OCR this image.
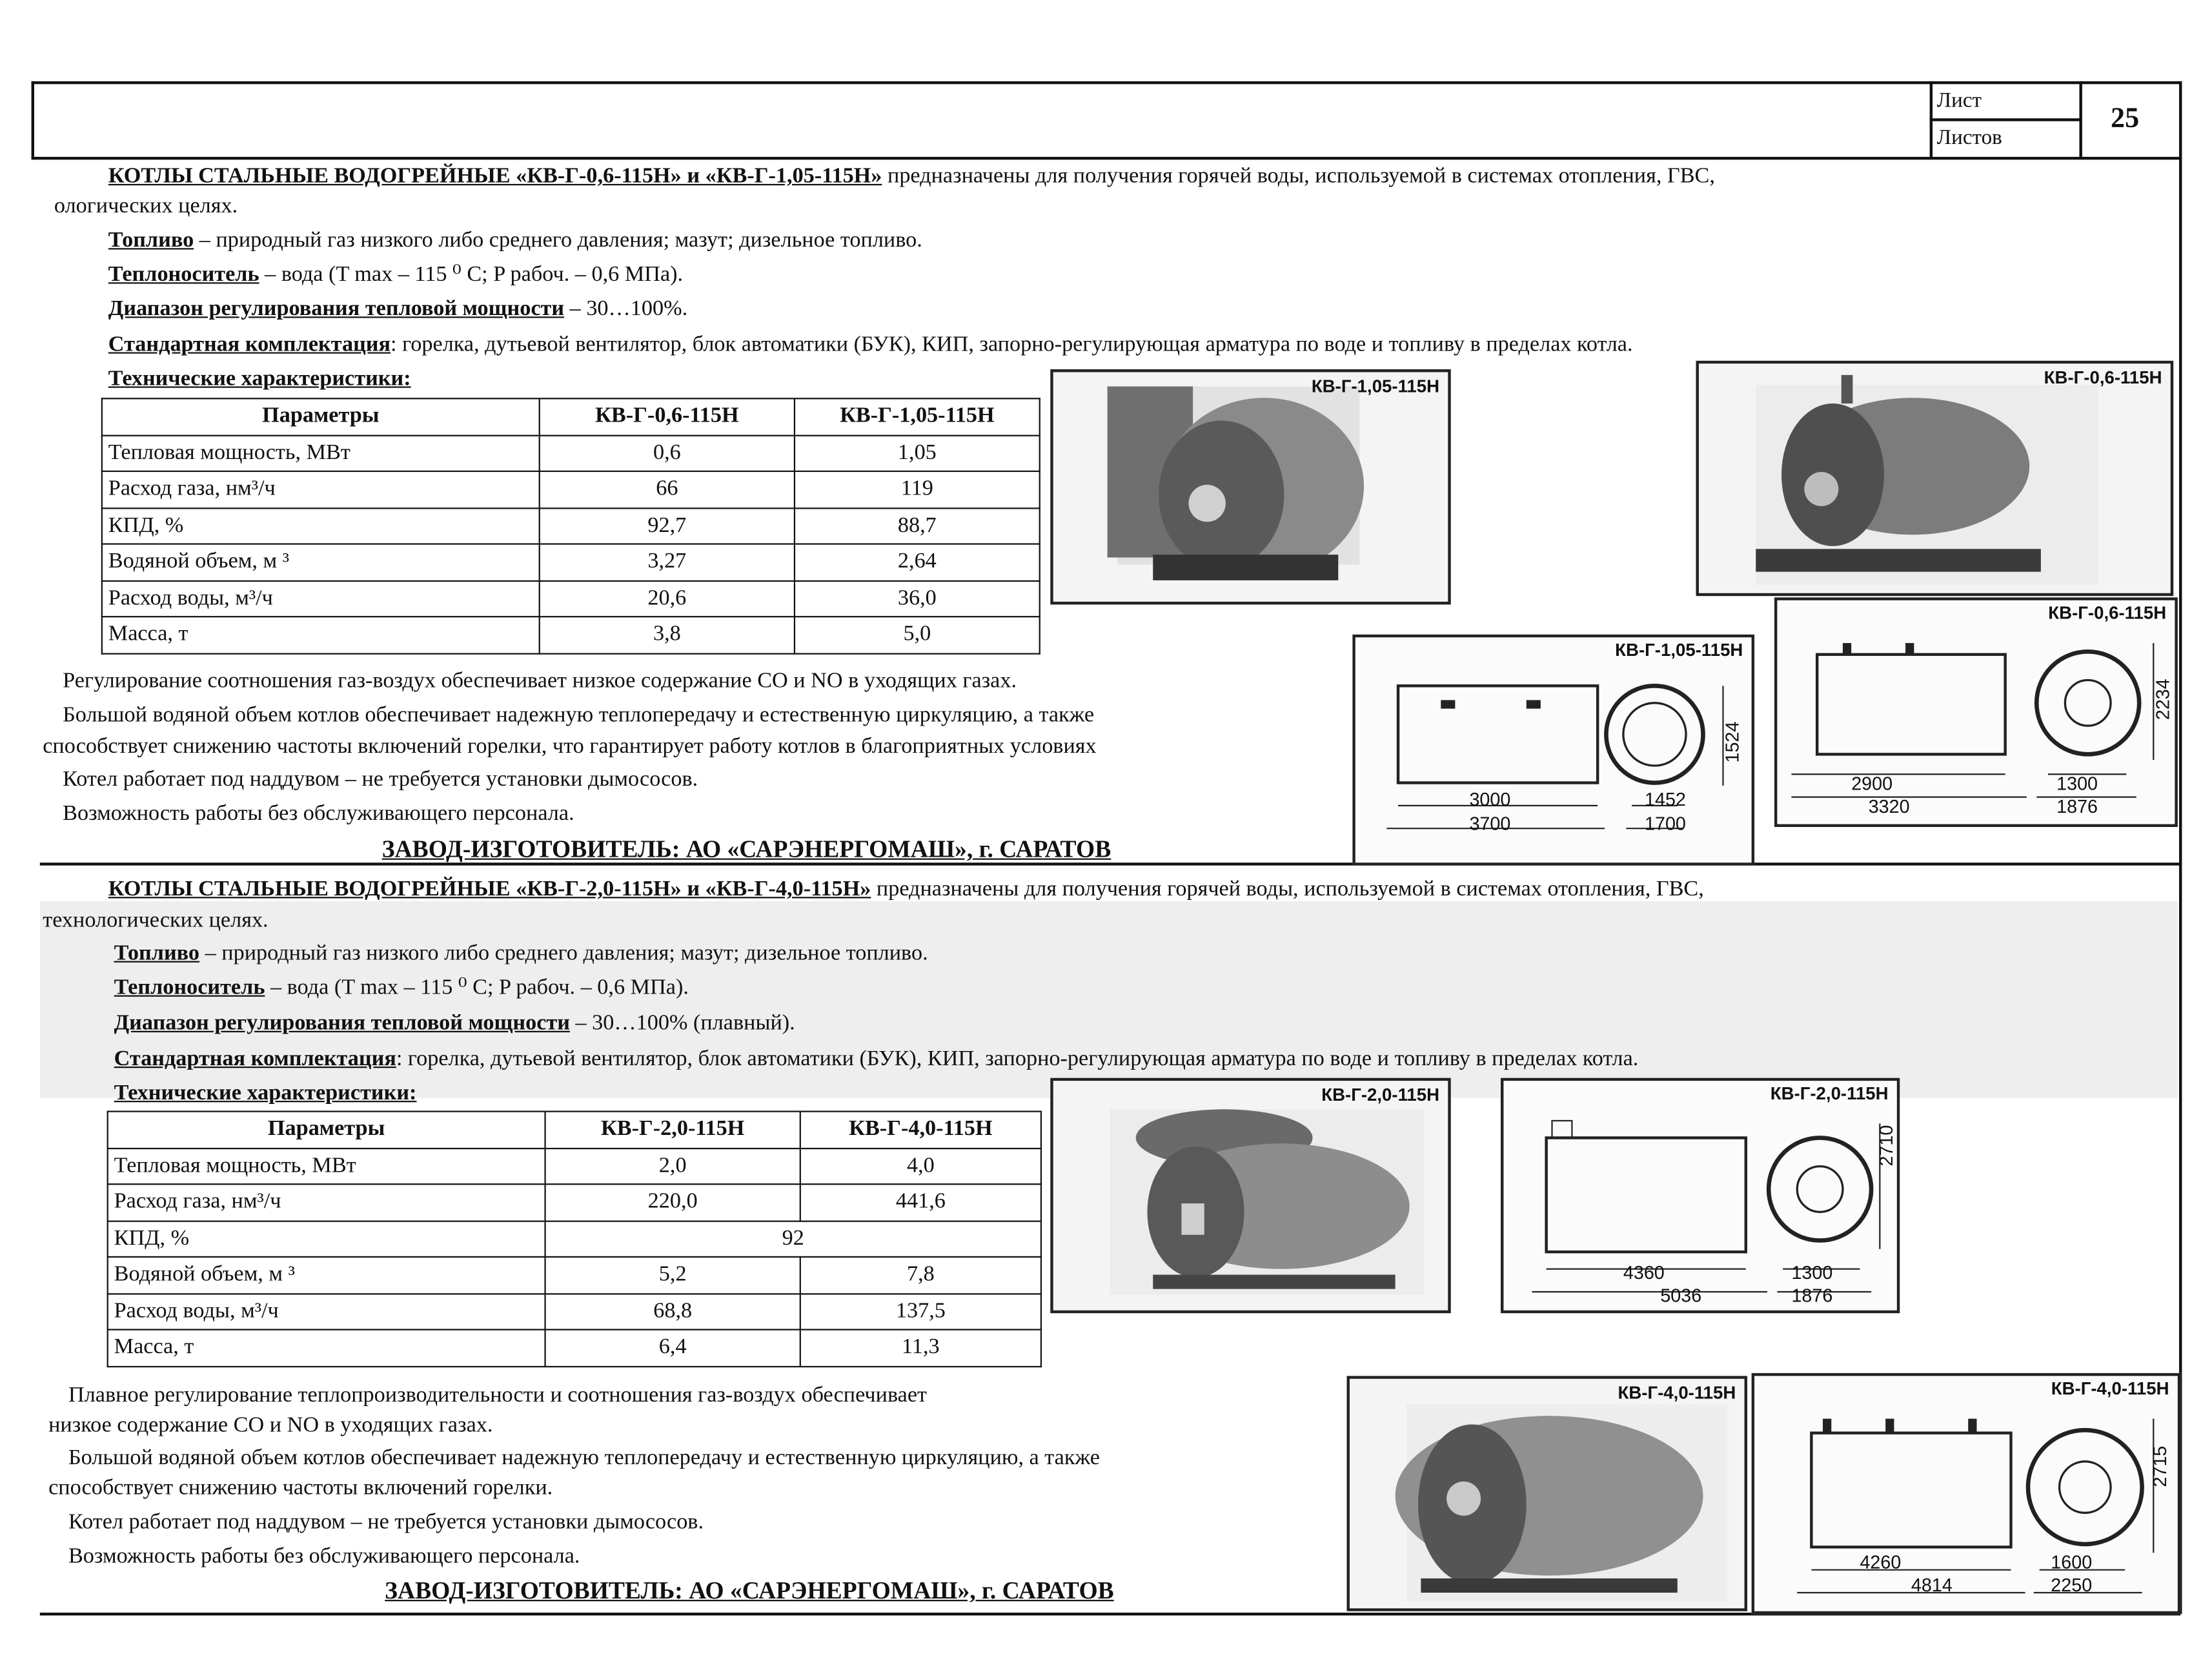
Лист
Листов
25
КОТЛЫ СТАЛЬНЫЕ ВОДОГРЕЙНЫЕ «КВ-Г-0,6-115Н» и «КВ-Г-1,05-115Н» предназначены для получения горячей воды, используемой в системах отопления, ГВС,
ологических целях.
Топливо – природный газ низкого либо среднего давления; мазут; дизельное топливо.
Теплоноситель – вода (T max – 115 ⁰ С; P рабоч. – 0,6 МПа).
Диапазон регулирования тепловой мощности – 30…100%.
Стандартная комплектация: горелка, дутьевой вентилятор, блок автоматики (БУК), КИП, запорно-регулирующая арматура по воде и топливу в пределах котла.
Технические характеристики:
Параметры	КВ-Г-0,6-115Н	КВ-Г-1,05-115Н
Тепловая мощность, МВт	0,6	1,05
Расход газа, нм³/ч	66	119
КПД, %	92,7	88,7
Водяной объем, м ³	3,27	2,64
Расход воды, м³/ч	20,6	36,0
Масса, т	3,8	5,0
Регулирование соотношения газ-воздух обеспечивает низкое содержание СО и NO в уходящих газах.
Большой водяной объем котлов обеспечивает надежную теплопередачу и естественную циркуляцию, а также
способствует снижению частоты включений горелки, что гарантирует работу котлов в благоприятных условиях
Котел работает под наддувом – не требуется установки дымососов.
Возможность работы без обслуживающего персонала.
ЗАВОД-ИЗГОТОВИТЕЛЬ: АО «САРЭНЕРГОМАШ», г. САРАТОВ
КВ-Г-1,05-115Н	КВ-Г-0,6-115Н
КВ-Г-1,05-115Н
3000
3700
1452
1700
1524
КВ-Г-0,6-115Н
2900
3320
1300
1876
2234
КОТЛЫ СТАЛЬНЫЕ ВОДОГРЕЙНЫЕ «КВ-Г-2,0-115Н» и «КВ-Г-4,0-115Н» предназначены для получения горячей воды, используемой в системах отопления, ГВС,
технологических целях.
Топливо – природный газ низкого либо среднего давления; мазут; дизельное топливо.
Теплоноситель – вода (T max – 115 ⁰ С; P рабоч. – 0,6 МПа).
Диапазон регулирования тепловой мощности – 30…100% (плавный).
Стандартная комплектация: горелка, дутьевой вентилятор, блок автоматики (БУК), КИП, запорно-регулирующая арматура по воде и топливу в пределах котла.
Технические характеристики:
Параметры	КВ-Г-2,0-115Н	КВ-Г-4,0-115Н
Тепловая мощность, МВт	2,0	4,0
Расход газа, нм³/ч	220,0	441,6
КПД, %	92	
Водяной объем, м ³	5,2	7,8
Расход воды, м³/ч	68,8	137,5
Масса, т	6,4	11,3
Плавное регулирование теплопроизводительности и соотношения газ-воздух обеспечивает
низкое содержание СО и NO в уходящих газах.
Большой водяной объем котлов обеспечивает надежную теплопередачу и естественную циркуляцию, а также
способствует снижению частоты включений горелки.
Котел работает под наддувом – не требуется установки дымососов.
Возможность работы без обслуживающего персонала.
ЗАВОД-ИЗГОТОВИТЕЛЬ: АО «САРЭНЕРГОМАШ», г. САРАТОВ
КВ-Г-2,0-115Н	КВ-Г-2,0-115Н
4360
5036
1300
1876
2710
КВ-Г-4,0-115Н	КВ-Г-4,0-115Н
4260
4814
1600
2250
2715
